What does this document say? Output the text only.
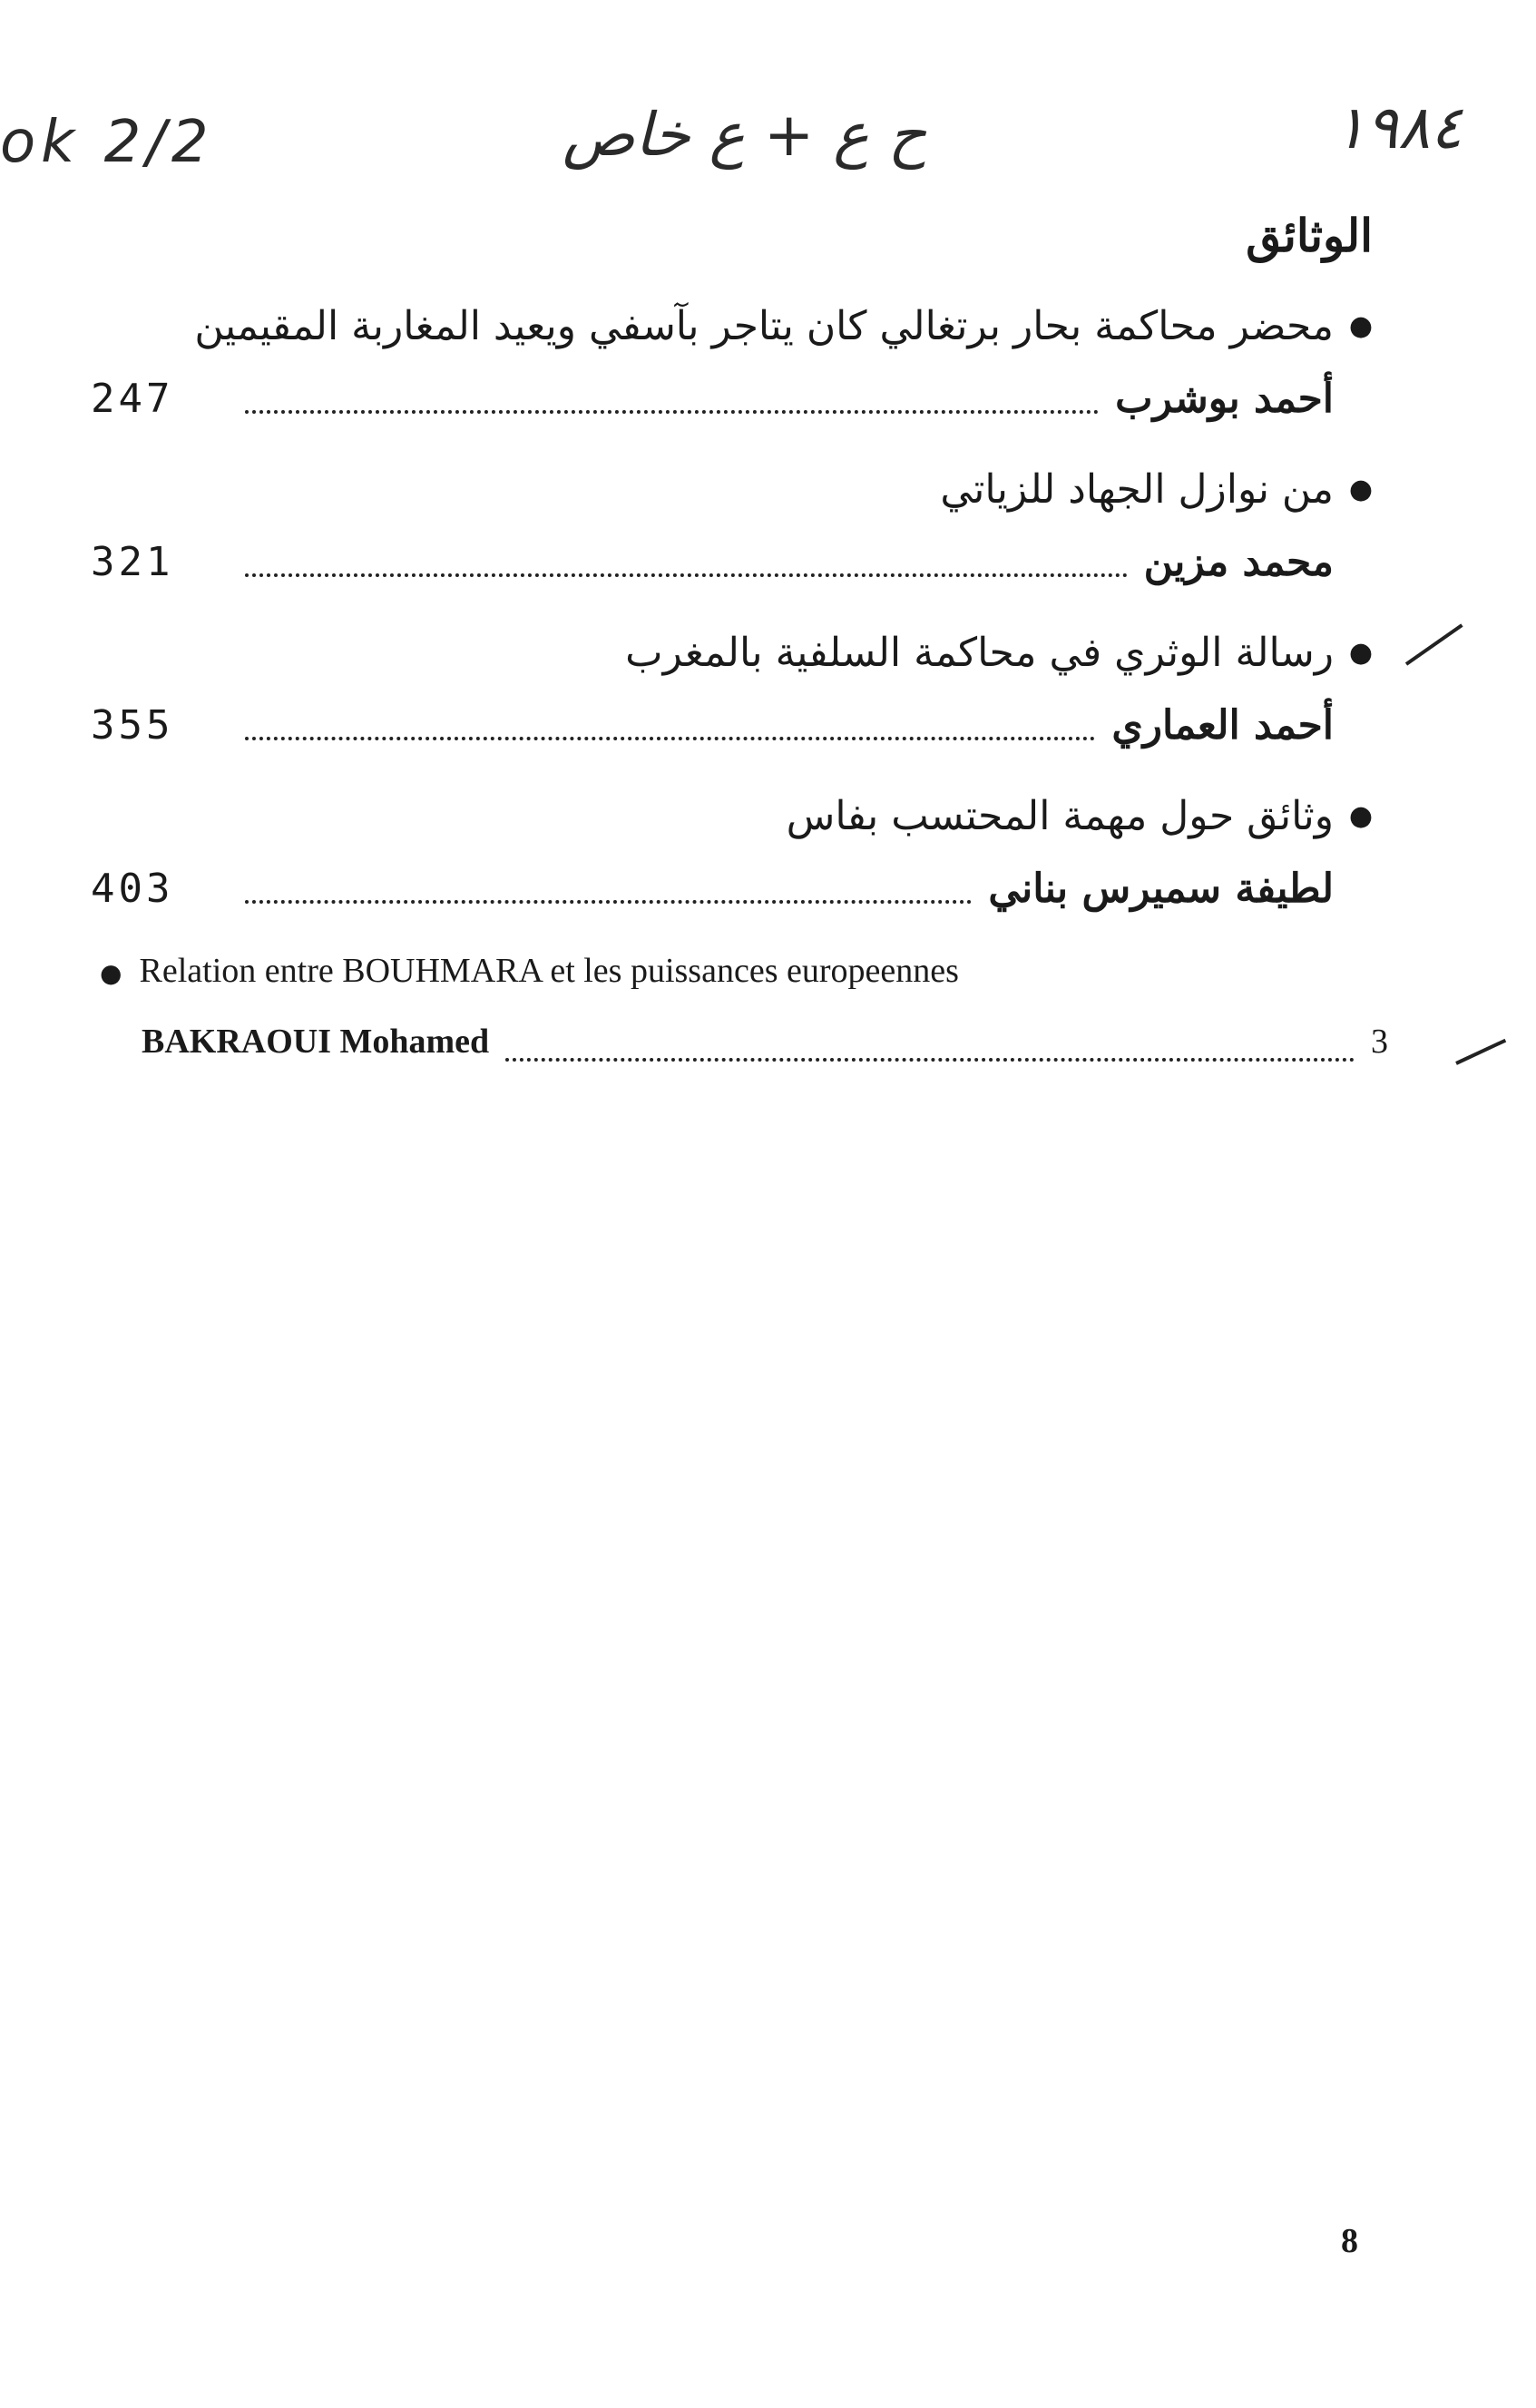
ok 2/2	ح ع + ع خاص	١٩٨٤
الوثائق
●
محضر محاكمة بحار برتغالي كان يتاجر بآسفي ويعيد المغاربة المقيمين
247	أحمد بوشرب
●
من نوازل الجهاد للزياتي
321	محمد مزين
●
رسالة الوثري في محاكمة السلفية بالمغرب
355	أحمد العماري
●
وثائق حول مهمة المحتسب بفاس
403	لطيفة سميرس بناني
● Relation entre BOUHMARA et les puissances europeennes
BAKRAOUI Mohamed	3
8
